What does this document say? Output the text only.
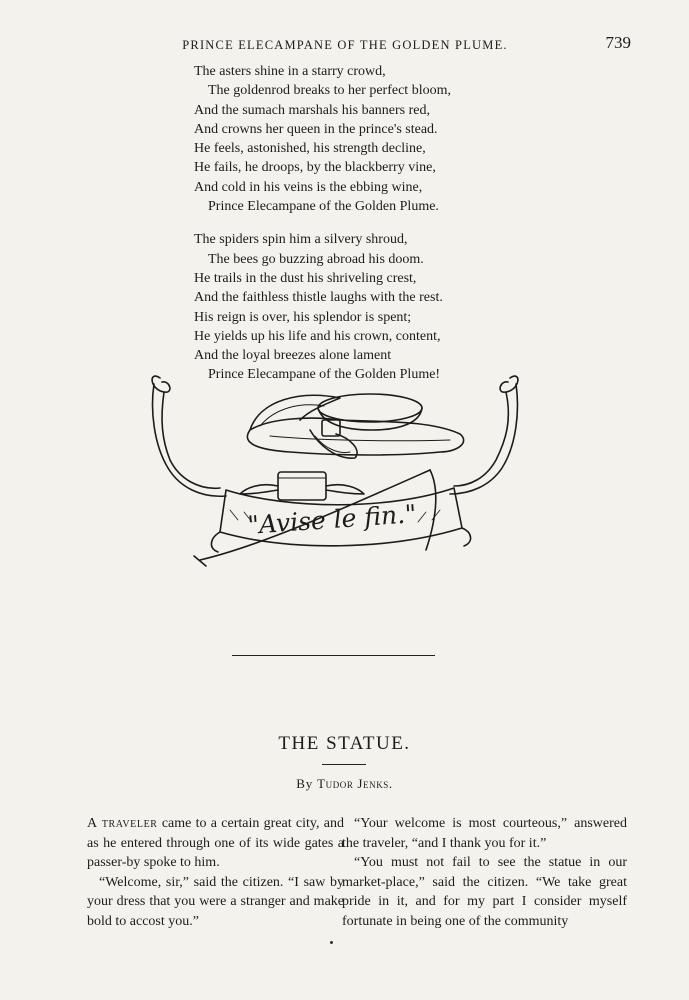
PRINCE ELECAMPANE OF THE GOLDEN PLUME.	739
The asters shine in a starry crowd,
The goldenrod breaks to her perfect bloom,
And the sumach marshals his banners red,
And crowns her queen in the prince's stead.
He feels, astonished, his strength decline,
He fails, he droops, by the blackberry vine,
And cold in his veins is the ebbing wine,
Prince Elecampane of the Golden Plume.
The spiders spin him a silvery shroud,
The bees go buzzing abroad his doom.
He trails in the dust his shriveling crest,
And the faithless thistle laughs with the rest.
His reign is over, his splendor is spent;
He yields up his life and his crown, content,
And the loyal breezes alone lament
Prince Elecampane of the Golden Plume!
"Avise le fin."
THE STATUE.
By Tudor Jenks.

A traveler came to a certain great city, and as he entered through one of its wide gates a passer-by spoke to him.

“Welcome, sir,” said the citizen. “I saw by your dress that you were a stranger and make bold to accost you.”

“Your welcome is most courteous,” answered the traveler, “and I thank you for it.”

“You must not fail to see the statue in our market-place,” said the citizen. “We take great pride in it, and for my part I consider myself fortunate in being one of the community
